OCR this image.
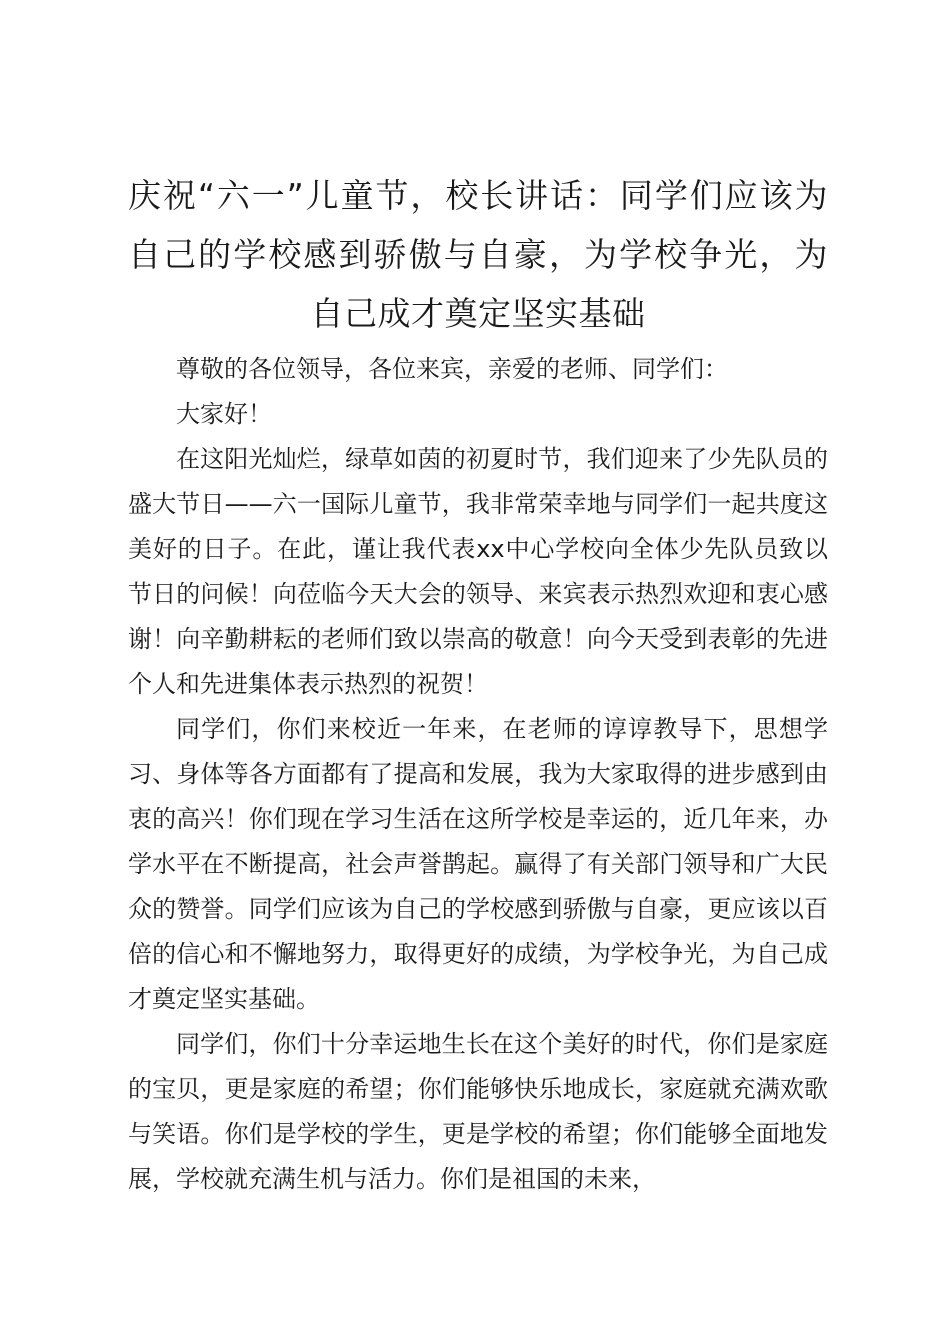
庆祝“六一”儿童节，校长讲话：同学们应该为自己的学校感到骄傲与自豪，为学校争光，为自己成才奠定坚实基础

尊敬的各位领导，各位来宾，亲爱的老师、同学们：

大家好！

在这阳光灿烂，绿草如茵的初夏时节，我们迎来了少先队员的盛大节日——六一国际儿童节，我非常荣幸地与同学们一起共度这美好的日子。在此，谨让我代表xx中心学校向全体少先队员致以节日的问候！向莅临今天大会的领导、来宾表示热烈欢迎和衷心感谢！向辛勤耕耘的老师们致以崇高的敬意！向今天受到表彰的先进个人和先进集体表示热烈的祝贺！

同学们，你们来校近一年来，在老师的谆谆教导下，思想学习、身体等各方面都有了提高和发展，我为大家取得的进步感到由衷的高兴！你们现在学习生活在这所学校是幸运的，近几年来，办学水平在不断提高，社会声誉鹊起。赢得了有关部门领导和广大民众的赞誉。同学们应该为自己的学校感到骄傲与自豪，更应该以百倍的信心和不懈地努力，取得更好的成绩，为学校争光，为自己成才奠定坚实基础。

同学们，你们十分幸运地生长在这个美好的时代，你们是家庭的宝贝，更是家庭的希望；你们能够快乐地成长，家庭就充满欢歌与笑语。你们是学校的学生，更是学校的希望；你们能够全面地发展，学校就充满生机与活力。你们是祖国的未来，
